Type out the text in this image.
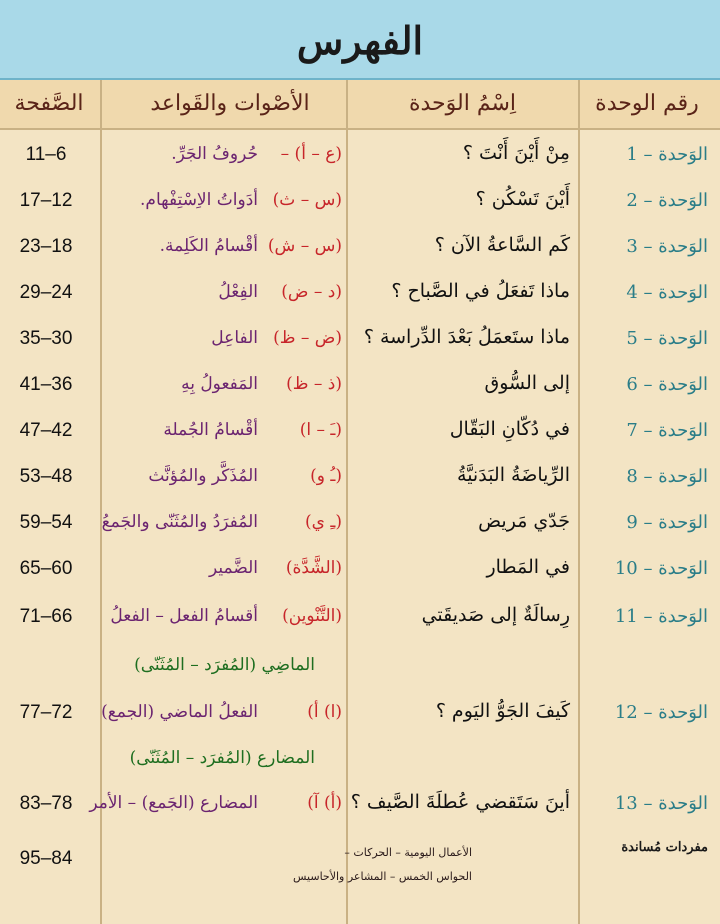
الفهرس
رقم الوحدة
اِسْمُ الوَحدة
الأصْوات والقَواعد
الصَّفحة
الوَحدة – 1
مِنْ أَيْنَ أَنْتَ ؟
(ع – أ) –
حُروفُ الجَرِّ.
11–6
الوَحدة – 2
أَيْنَ تَسْكُن ؟
(س – ث)
أدَواتُ الاِسْتِفْهام.
17–12
الوَحدة – 3
كَم السَّاعةُ الآن ؟
(س – ش)
أقْسامُ الكَلِمة.
23–18
الوَحدة – 4
ماذا تَفعَلُ في الصَّباح ؟
(د – ض)
الفِعْلُ
29–24
الوَحدة – 5
ماذا ستَعمَلُ بَعْدَ الدِّراسة ؟
(ض – ظ)
الفاعِل
35–30
الوَحدة – 6
إلى السُّوق
(ذ – ظ)
المَفعولُ بِهِ
41–36
الوَحدة – 7
في دُكّانِ البَقّال
(ـَ – ا)
أقْسامُ الجُملة
47–42
الوَحدة – 8
الرِّياضَةُ البَدَنيَّةُ
(ـُ و)
المُذَكَّر والمُؤنَّث
53–48
الوَحدة – 9
جَدّي مَريض
(ـِ ي)
المُفرَدُ والمُثَنّى والجَمعُ
59–54
الوَحدة – 10
في المَطار
(الشَّدَّة)
الضَّمير
65–60
الوَحدة – 11
رِسالَةٌ إلى صَديقَتي
(التَّنْوين)
أقسامُ الفعل – الفعلُ
الماضِي (المُفرَد – المُثَنّى)
71–66
الوَحدة – 12
كَيفَ الجَوُّ اليَوم ؟
(ا) أ)
الفعلُ الماضي (الجمع)
المضارع (المُفرَد – المُثَنّى)
77–72
الوَحدة – 13
أينَ سَتَقضي عُطلَةَ الصَّيف ؟
(أ) آ)
المضارع (الجَمع) – الأمر
83–78
مفردات مُساندة
الأعمال اليومية – الحركات –
الحواس الخمس – المشاعر والأحاسيس
95–84
